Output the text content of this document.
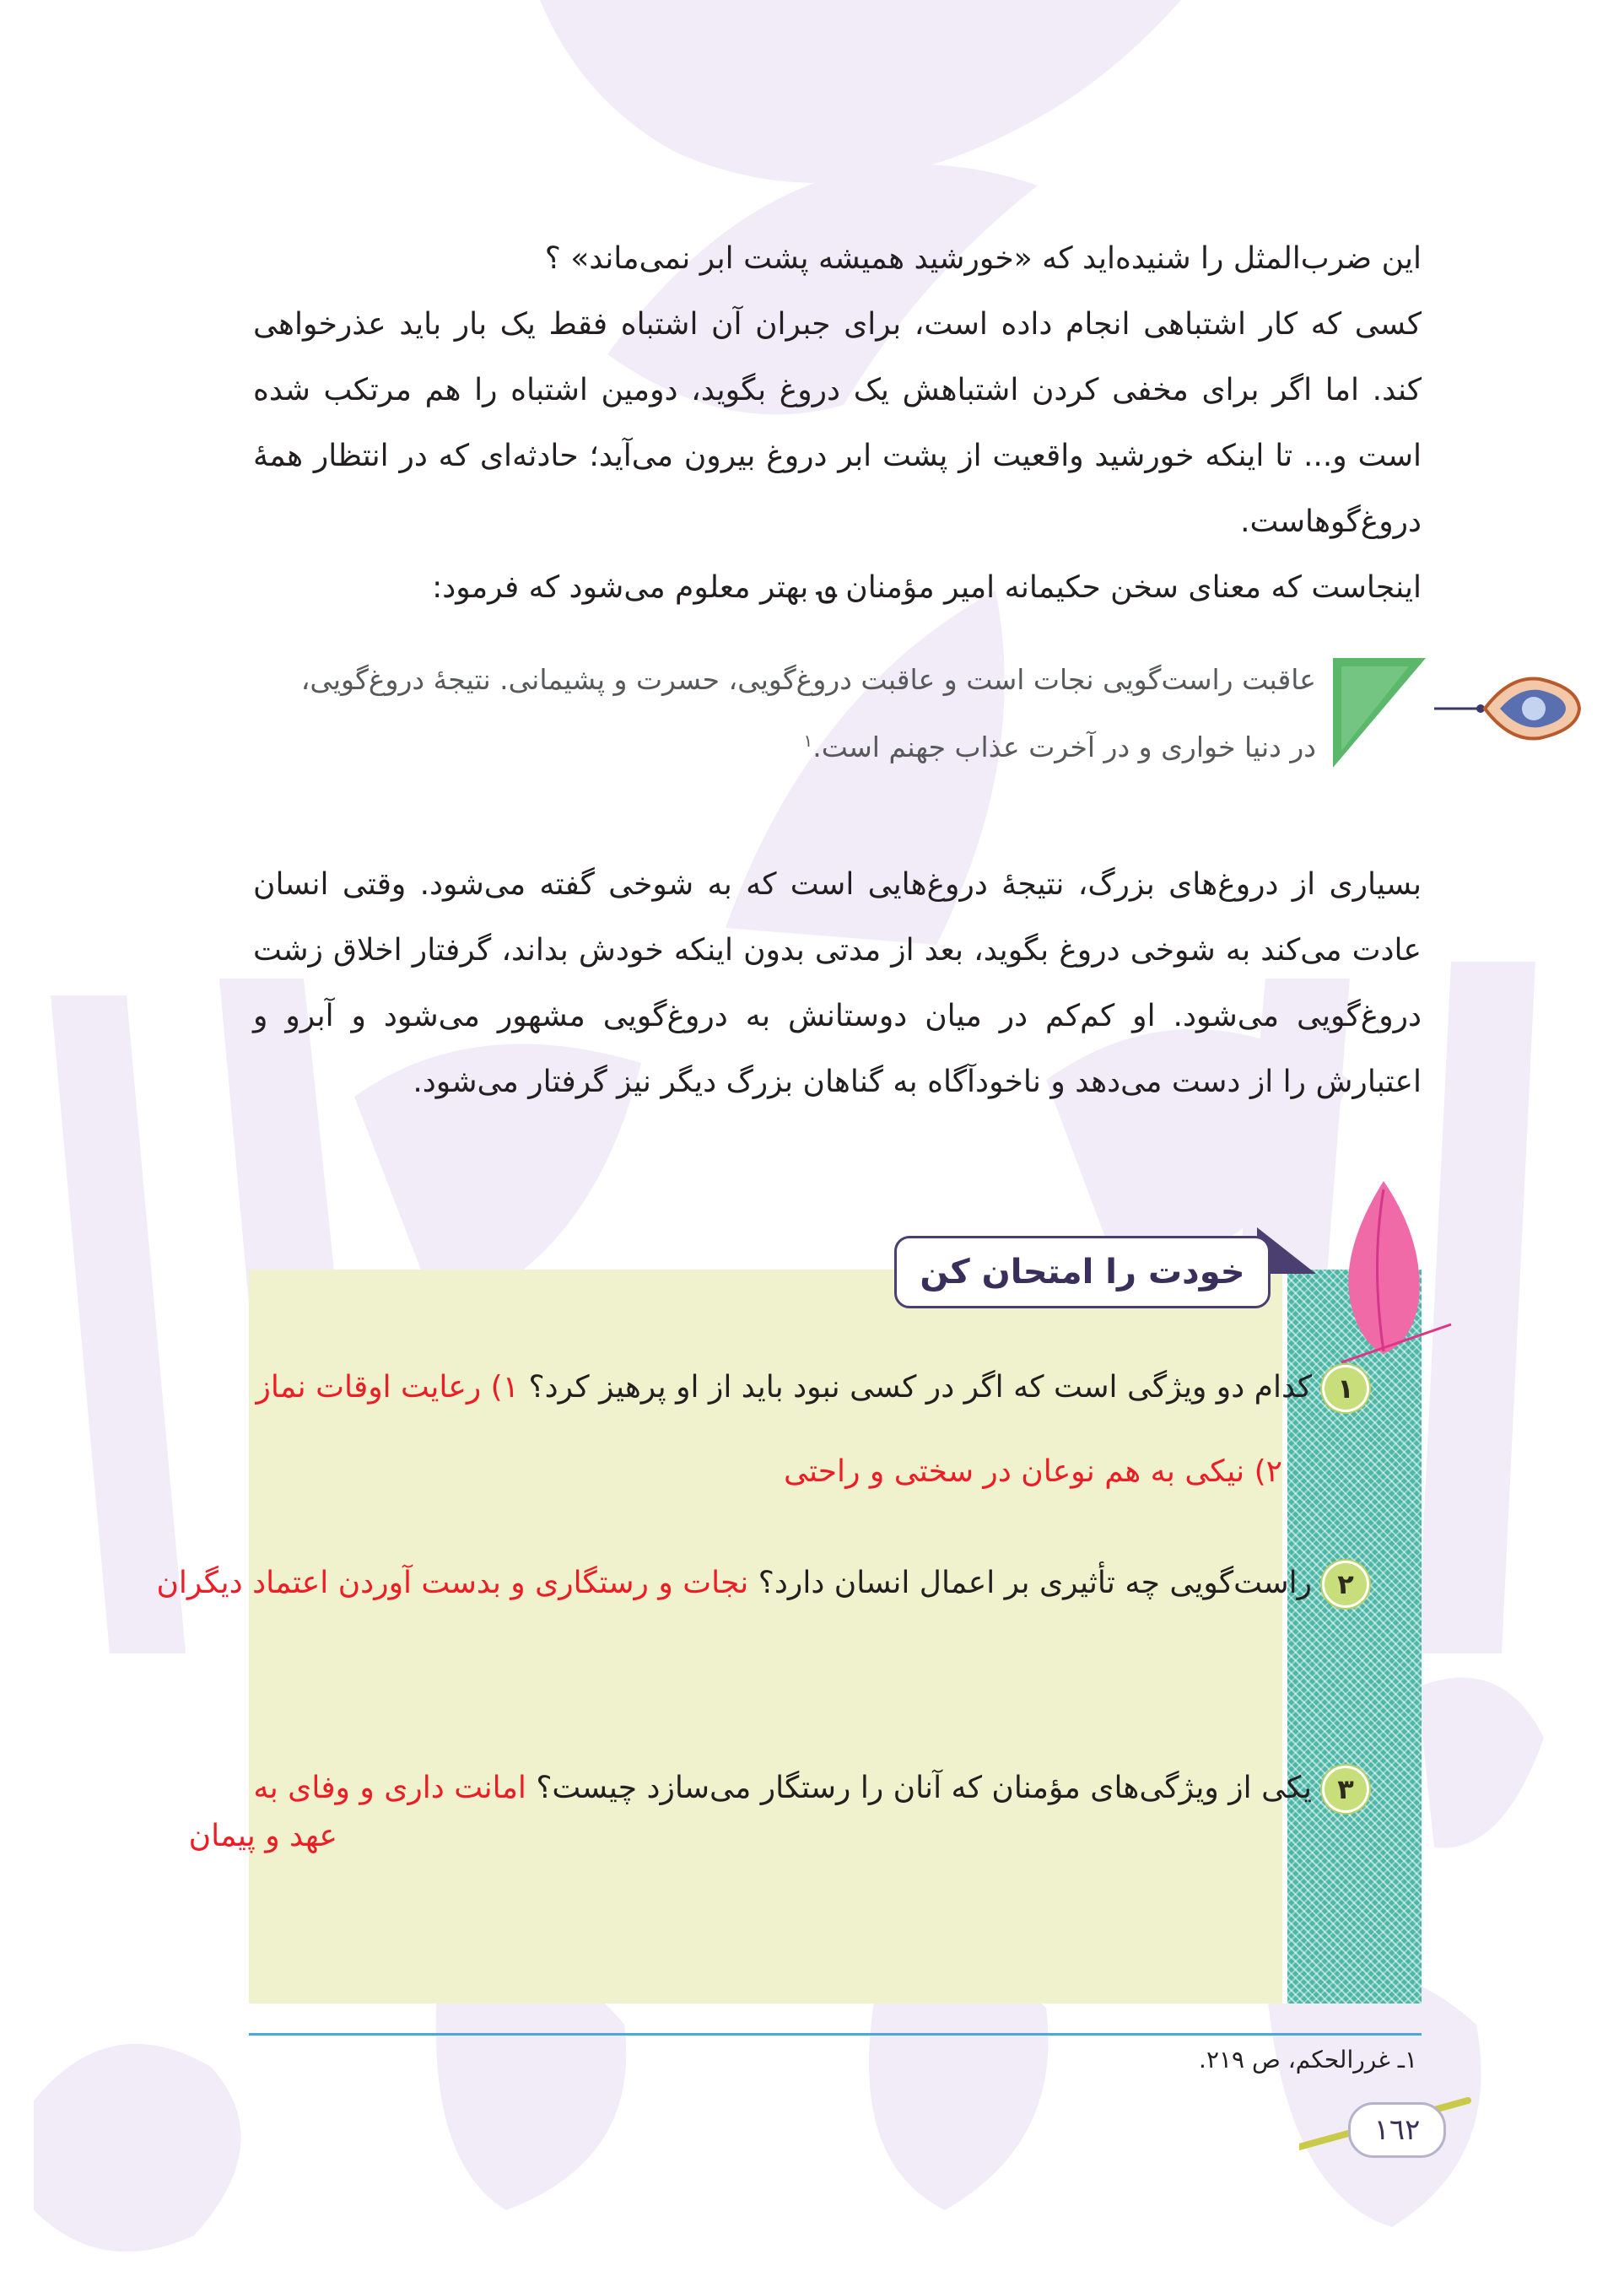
این ضرب‌المثل را شنیده‌اید که «خورشید همیشه پشت ابر نمی‌ماند» ؟

کسی که کار اشتباهی انجام داده است، برای جبران آن اشتباه فقط یک بار باید عذرخواهی کند. اما اگر برای مخفی کردن اشتباهش یک دروغ بگوید، دومین اشتباه را هم مرتکب شده است و... تا اینکه خورشید واقعیت از پشت ابر دروغ بیرون می‌آید؛ حادثه‌ای که در انتظار همهٔ دروغ‌گوهاست.

اینجاست که معنای سخن حکیمانه امیر مؤمنان ؈ بهتر معلوم می‌شود که فرمود:

عاقبت راست‌گویی نجات است و عاقبت دروغ‌گویی، حسرت و پشیمانی. نتیجهٔ دروغ‌گویی،
در دنیا خواری و در آخرت عذاب جهنم است.$^١$

بسیاری از دروغ‌های بزرگ، نتیجهٔ دروغ‌هایی است که به شوخی گفته می‌شود. وقتی انسان عادت می‌کند به شوخی دروغ بگوید، بعد از مدتی بدون اینکه خودش بداند، گرفتار اخلاق زشت دروغ‌گویی می‌شود. او کم‌کم در میان دوستانش به دروغ‌گویی مشهور می‌شود و آبرو و اعتبارش را از دست می‌دهد و ناخودآگاه به گناهان بزرگ دیگر نیز گرفتار می‌شود.

خودت را امتحان کن
١
کدام دو ویژگی است که اگر در کسی نبود باید از او پرهیز کرد؟ ١) رعایت اوقات نماز
٢) نیکی به هم نوعان در سختی و راحتی
٢
راست‌گویی چه تأثیری بر اعمال انسان دارد؟ نجات و رستگاری و بدست آوردن اعتماد دیگران
٣
یکی از ویژگی‌های مؤمنان که آنان را رستگار می‌سازد چیست؟ امانت داری و وفای به
عهد و پیمان
١ـ غررالحکم، ص ٢١٩.
١٦٢
